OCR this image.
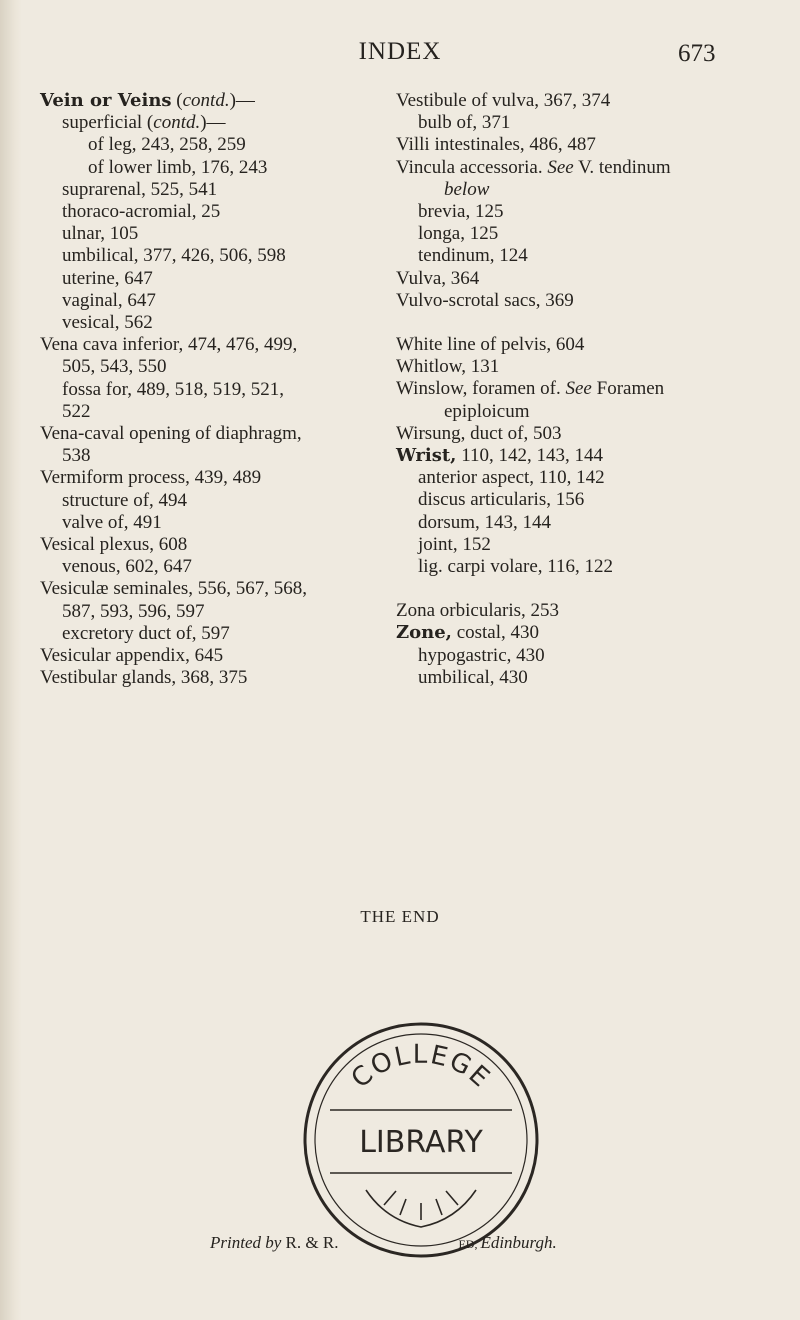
INDEX	673
Vein or Veins (contd.)—
superficial (contd.)—
of leg, 243, 258, 259
of lower limb, 176, 243
suprarenal, 525, 541
thoraco-acromial, 25
ulnar, 105
umbilical, 377, 426, 506, 598
uterine, 647
vaginal, 647
vesical, 562
Vena cava inferior, 474, 476, 499,
505, 543, 550
fossa for, 489, 518, 519, 521,
522
Vena-caval opening of diaphragm,
538
Vermiform process, 439, 489
structure of, 494
valve of, 491
Vesical plexus, 608
venous, 602, 647
Vesiculæ seminales, 556, 567, 568,
587, 593, 596, 597
excretory duct of, 597
Vesicular appendix, 645
Vestibular glands, 368, 375
Vestibule of vulva, 367, 374
bulb of, 371
Villi intestinales, 486, 487
Vincula accessoria. See V. tendinum
below
brevia, 125
longa, 125
tendinum, 124
Vulva, 364
Vulvo-scrotal sacs, 369
White line of pelvis, 604
Whitlow, 131
Winslow, foramen of. See Foramen
epiploicum
Wirsung, duct of, 503
Wrist, 110, 142, 143, 144
anterior aspect, 110, 142
discus articularis, 156
dorsum, 143, 144
joint, 152
lig. carpi volare, 116, 122
Zona orbicularis, 253
Zone, costal, 430
hypogastric, 430
umbilical, 430
THE END
COLLEGE
LIBRARY
Printed by R. & R.	ED, Edinburgh.
